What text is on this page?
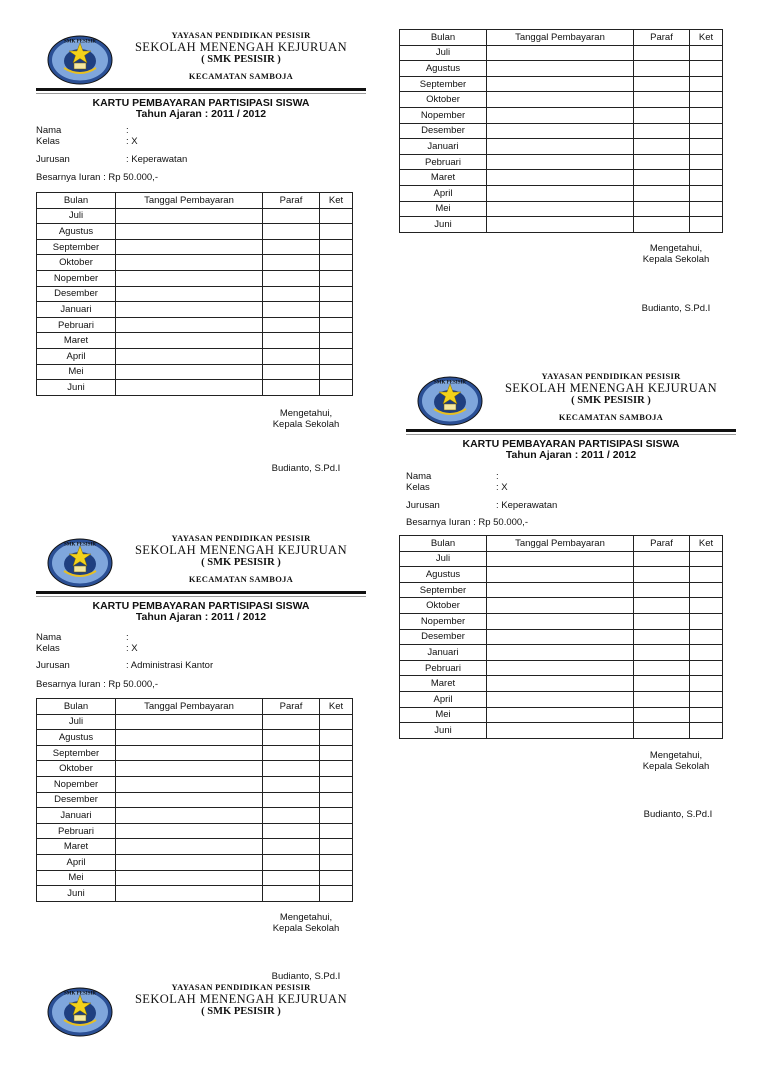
SMK PESISIR
YAYASAN PENDIDIKAN PESISIR
SEKOLAH MENENGAH KEJURUAN
( SMK PESISIR )
KECAMATAN SAMBOJA
KARTU PEMBAYARAN PARTISIPASI SISWA
Tahun Ajaran : 2011 / 2012
Nama	:
Kelas	: X
Jurusan	: Keperawatan
Besarnya Iuran : Rp 50.000,-
Bulan	Tanggal Pembayaran	Paraf	Ket
Juli			
Agustus			
September			
Oktober			
Nopember			
Desember			
Januari			
Pebruari			
Maret			
April			
Mei			
Juni			
Mengetahui,
Kepala Sekolah
Budianto, S.Pd.I
SMK PESISIR
YAYASAN PENDIDIKAN PESISIR
SEKOLAH MENENGAH KEJURUAN
( SMK PESISIR )
KECAMATAN SAMBOJA
KARTU PEMBAYARAN PARTISIPASI SISWA
Tahun Ajaran : 2011 / 2012
Nama	:
Kelas	: X
Jurusan	: Administrasi Kantor
Besarnya Iuran : Rp 50.000,-
Bulan	Tanggal Pembayaran	Paraf	Ket
Juli			
Agustus			
September			
Oktober			
Nopember			
Desember			
Januari			
Pebruari			
Maret			
April			
Mei			
Juni			
Mengetahui,
Kepala Sekolah
Budianto, S.Pd.I
SMK PESISIR
YAYASAN PENDIDIKAN PESISIR
SEKOLAH MENENGAH KEJURUAN
( SMK PESISIR )
Bulan	Tanggal Pembayaran	Paraf	Ket
Juli			
Agustus			
September			
Oktober			
Nopember			
Desember			
Januari			
Pebruari			
Maret			
April			
Mei			
Juni			
Mengetahui,
Kepala Sekolah
Budianto, S.Pd.I
SMK PESISIR
YAYASAN PENDIDIKAN PESISIR
SEKOLAH MENENGAH KEJURUAN
( SMK PESISIR )
KECAMATAN SAMBOJA
KARTU PEMBAYARAN PARTISIPASI SISWA
Tahun Ajaran : 2011 / 2012
Nama	:
Kelas	: X
Jurusan	: Keperawatan
Besarnya Iuran : Rp 50.000,-
Bulan	Tanggal Pembayaran	Paraf	Ket
Juli			
Agustus			
September			
Oktober			
Nopember			
Desember			
Januari			
Pebruari			
Maret			
April			
Mei			
Juni			
Mengetahui,
Kepala Sekolah
Budianto, S.Pd.I
